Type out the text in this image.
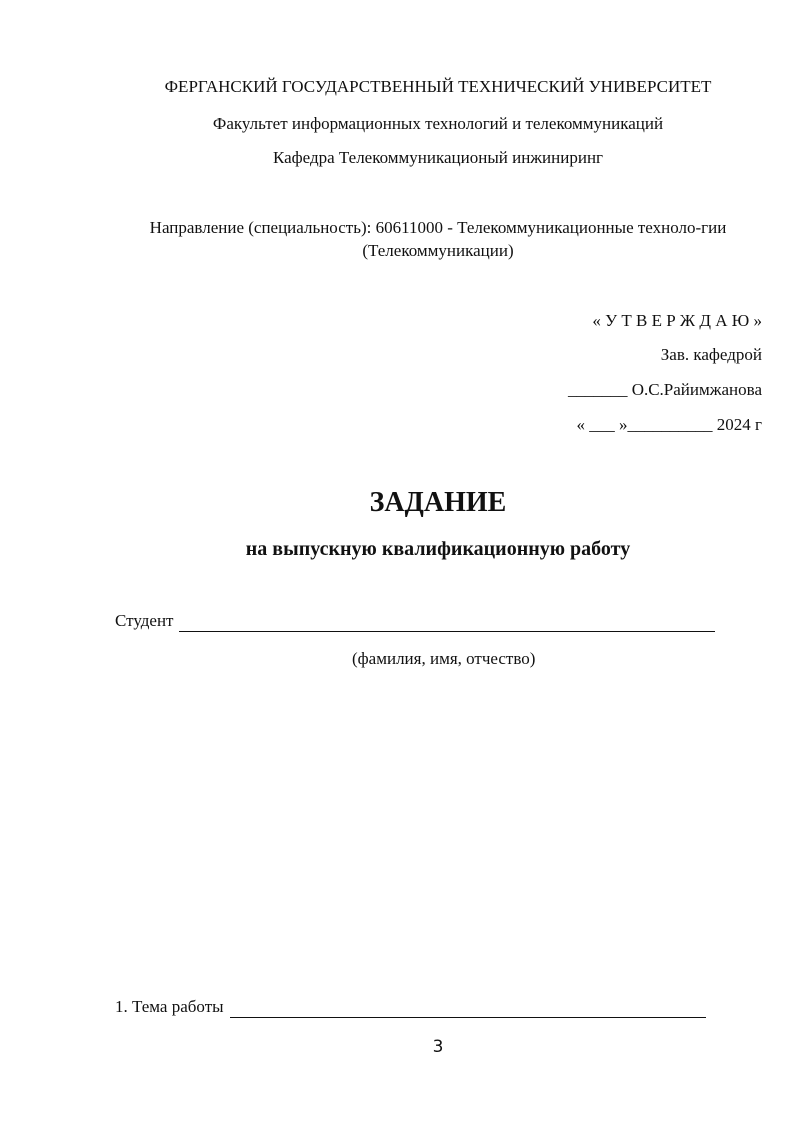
ФЕРГАНСКИЙ ГОСУДАРСТВЕННЫЙ ТЕХНИЧЕСКИЙ УНИВЕРСИТЕТ
Факультет информационных технологий и телекоммуникаций
Кафедра Телекоммуникационый инжиниринг
Направление (специальность): 60611000 - Телекоммуникационные техноло-гии
(Телекоммуникации)
« У Т В Е Р Ж Д А Ю »
Зав. кафедрой
_______ О.С.Райимжанова
« ___ »__________ 2024 г
ЗАДАНИЕ
на выпускную квалификационную работу
Студент
(фамилия, имя, отчество)
1. Тема работы
3
